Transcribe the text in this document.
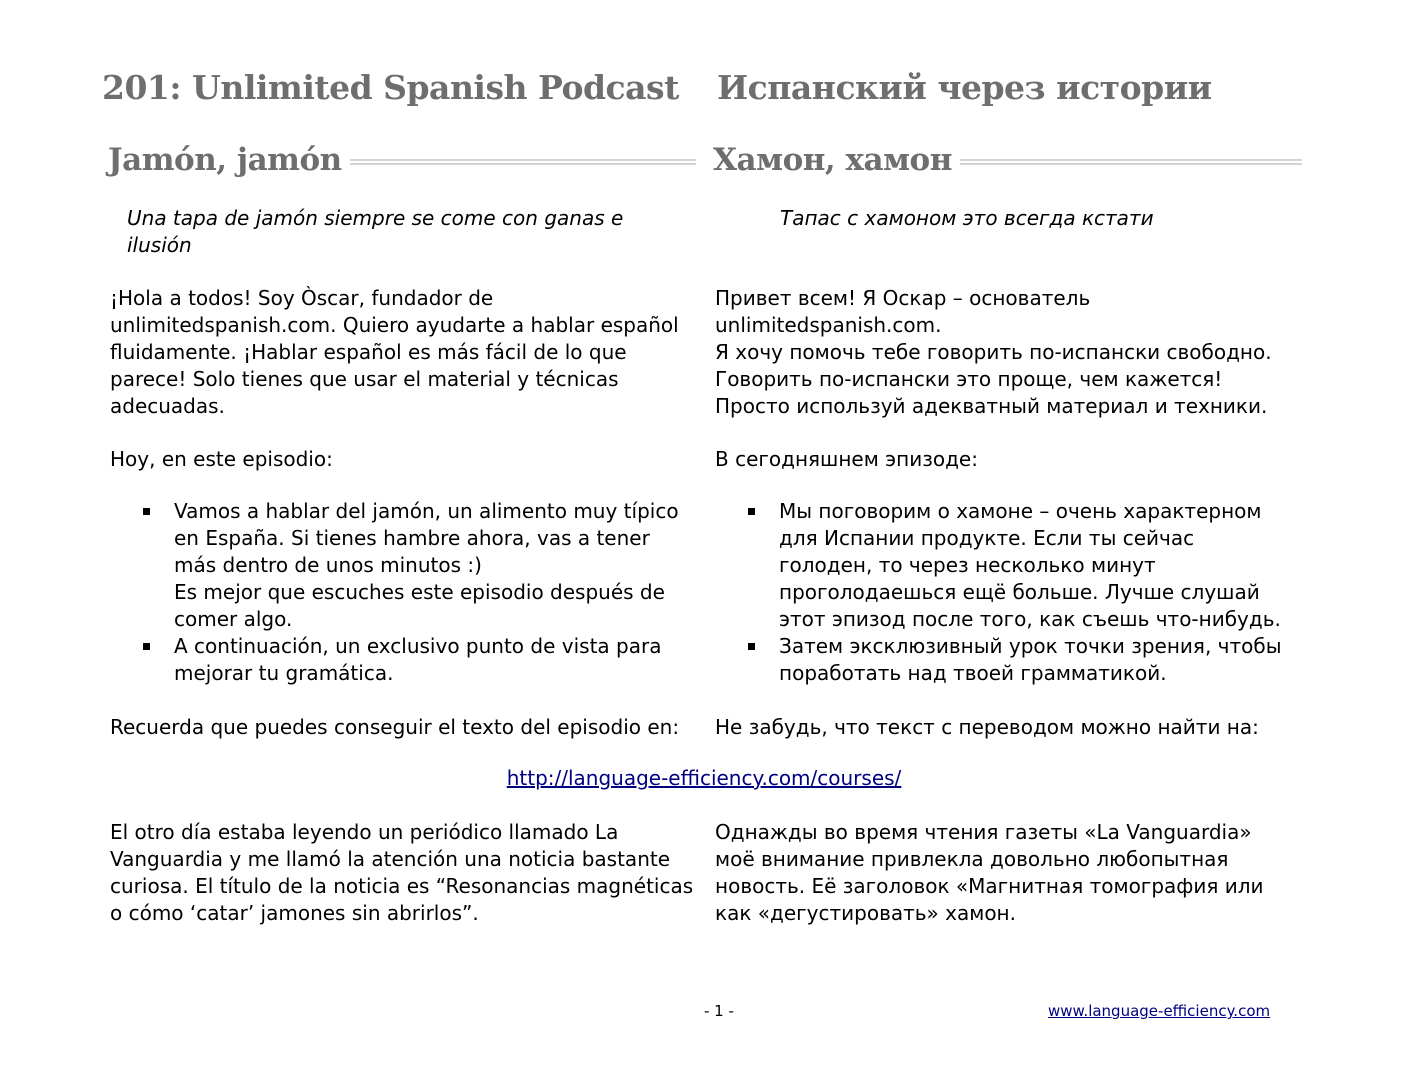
201: Unlimited Spanish Podcast Испанский через истории
Jamón, jamón	Хамон, хамон
Una tapa de jamón siempre se come con ganas e ilusión
Тапас с хамоном это всегда кстати

¡Hola a todos! Soy Òscar, fundador de unlimitedspanish.com. Quiero ayudarte a hablar español fluidamente. ¡Hablar español es más fácil de lo que parece! Solo tienes que usar el material y técnicas adecuadas.

Привет всем! Я Оскар – основатель unlimitedspanish.com.
Я хочу помочь тебе говорить по-испански свободно. Говорить по-испански это проще, чем кажется! Просто используй адекватный материал и техники.

Hoy, en este episodio:	В сегодняшнем эпизоде:

Vamos a hablar del jamón, un alimento muy típico en España. Si tienes hambre ahora, vas a tener más dentro de unos minutos :)
Es mejor que escuches este episodio después de comer algo.
A continuación, un exclusivo punto de vista para mejorar tu gramática.
Мы поговорим о хамоне – очень характерном для Испании продукте. Если ты сейчас голоден, то через несколько минут проголодаешься ещё больше. Лучше слушай этот эпизод после того, как съешь что-нибудь.
Затем эксклюзивный урок точки зрения, чтобы поработать над твоей грамматикой.

Recuerda que puedes conseguir el texto del episodio en:	Не забудь, что текст с переводом можно найти на:

http://language-efficiency.com/courses/

El otro día estaba leyendo un periódico llamado La Vanguardia y me llamó la atención una noticia bastante curiosa. El título de la noticia es “Resonancias magnéticas o cómo ‘catar’ jamones sin abrirlos”.

Однажды во время чтения газеты «La Vanguardia» моё внимание привлекла довольно любопытная новость. Её заголовок «Магнитная томография или как «дегустировать» хамон.

- 1 -	www.language-efficiency.com
